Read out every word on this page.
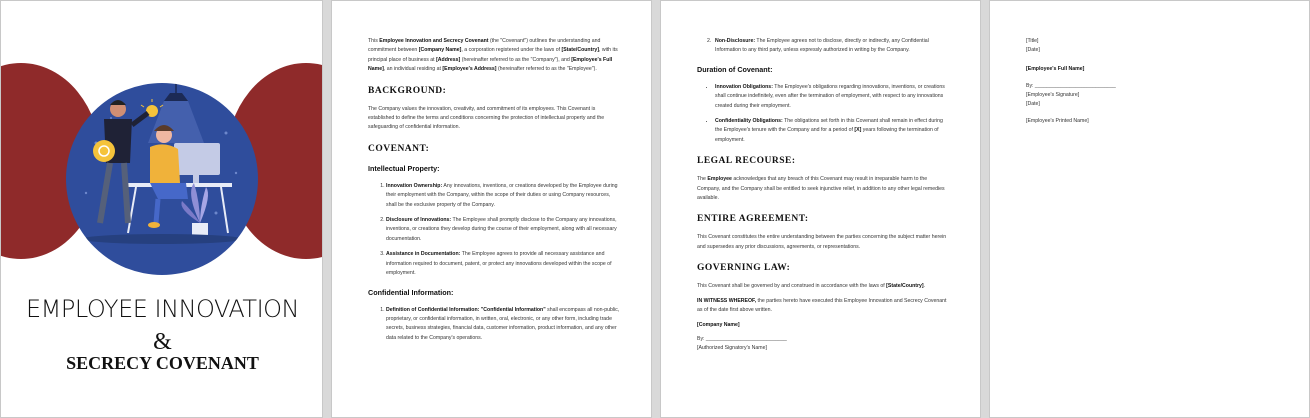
EMPLOYEE INNOVATION
&
SECRECY COVENANT

This Employee Innovation and Secrecy Covenant (the "Covenant") outlines the understanding and commitment between [Company Name], a corporation registered under the laws of [State/Country], with its principal place of business at [Address] (hereinafter referred to as the "Company"), and [Employee's Full Name], an individual residing at [Employee's Address] (hereinafter referred to as the "Employee").

BACKGROUND:

The Company values the innovation, creativity, and commitment of its employees. This Covenant is established to define the terms and conditions concerning the protection of intellectual property and the safeguarding of confidential information.

COVENANT:
Intellectual Property:
1. Innovation Ownership: Any innovations, inventions, or creations developed by the Employee during their employment with the Company, within the scope of their duties or using Company resources, shall be the exclusive property of the Company.
2. Disclosure of Innovations: The Employee shall promptly disclose to the Company any innovations, inventions, or creations they develop during the course of their employment, along with all necessary documentation.
3. Assistance in Documentation: The Employee agrees to provide all necessary assistance and information required to document, patent, or protect any innovations developed within the scope of employment.
Confidential Information:
1. Definition of Confidential Information: "Confidential Information" shall encompass all non-public, proprietary, or confidential information, in written, oral, electronic, or any other form, including trade secrets, business strategies, financial data, customer information, product information, and any other data related to the Company's operations.
2. Non-Disclosure: The Employee agrees not to disclose, directly or indirectly, any Confidential Information to any third party, unless expressly authorized in writing by the Company.
Duration of Covenant:
• Innovation Obligations: The Employee's obligations regarding innovations, inventions, or creations shall continue indefinitely, even after the termination of employment, with respect to any innovations created during their employment.
• Confidentiality Obligations: The obligations set forth in this Covenant shall remain in effect during the Employee's tenure with the Company and for a period of [X] years following the termination of employment.
LEGAL RECOURSE:

The Employee acknowledges that any breach of this Covenant may result in irreparable harm to the Company, and the Company shall be entitled to seek injunctive relief, in addition to any other legal remedies available.

ENTIRE AGREEMENT:

This Covenant constitutes the entire understanding between the parties concerning the subject matter herein and supersedes any prior discussions, agreements, or representations.

GOVERNING LAW:

This Covenant shall be governed by and construed in accordance with the laws of [State/Country].

IN WITNESS WHEREOF, the parties hereto have executed this Employee Innovation and Secrecy Covenant as of the date first above written.

[Company Name]

By: ____________________________
[Authorized Signatory's Name]
[Title]
[Date]
[Employee's Full Name]
By: ____________________________
[Employee's Signature]
[Date]
[Employee's Printed Name]
